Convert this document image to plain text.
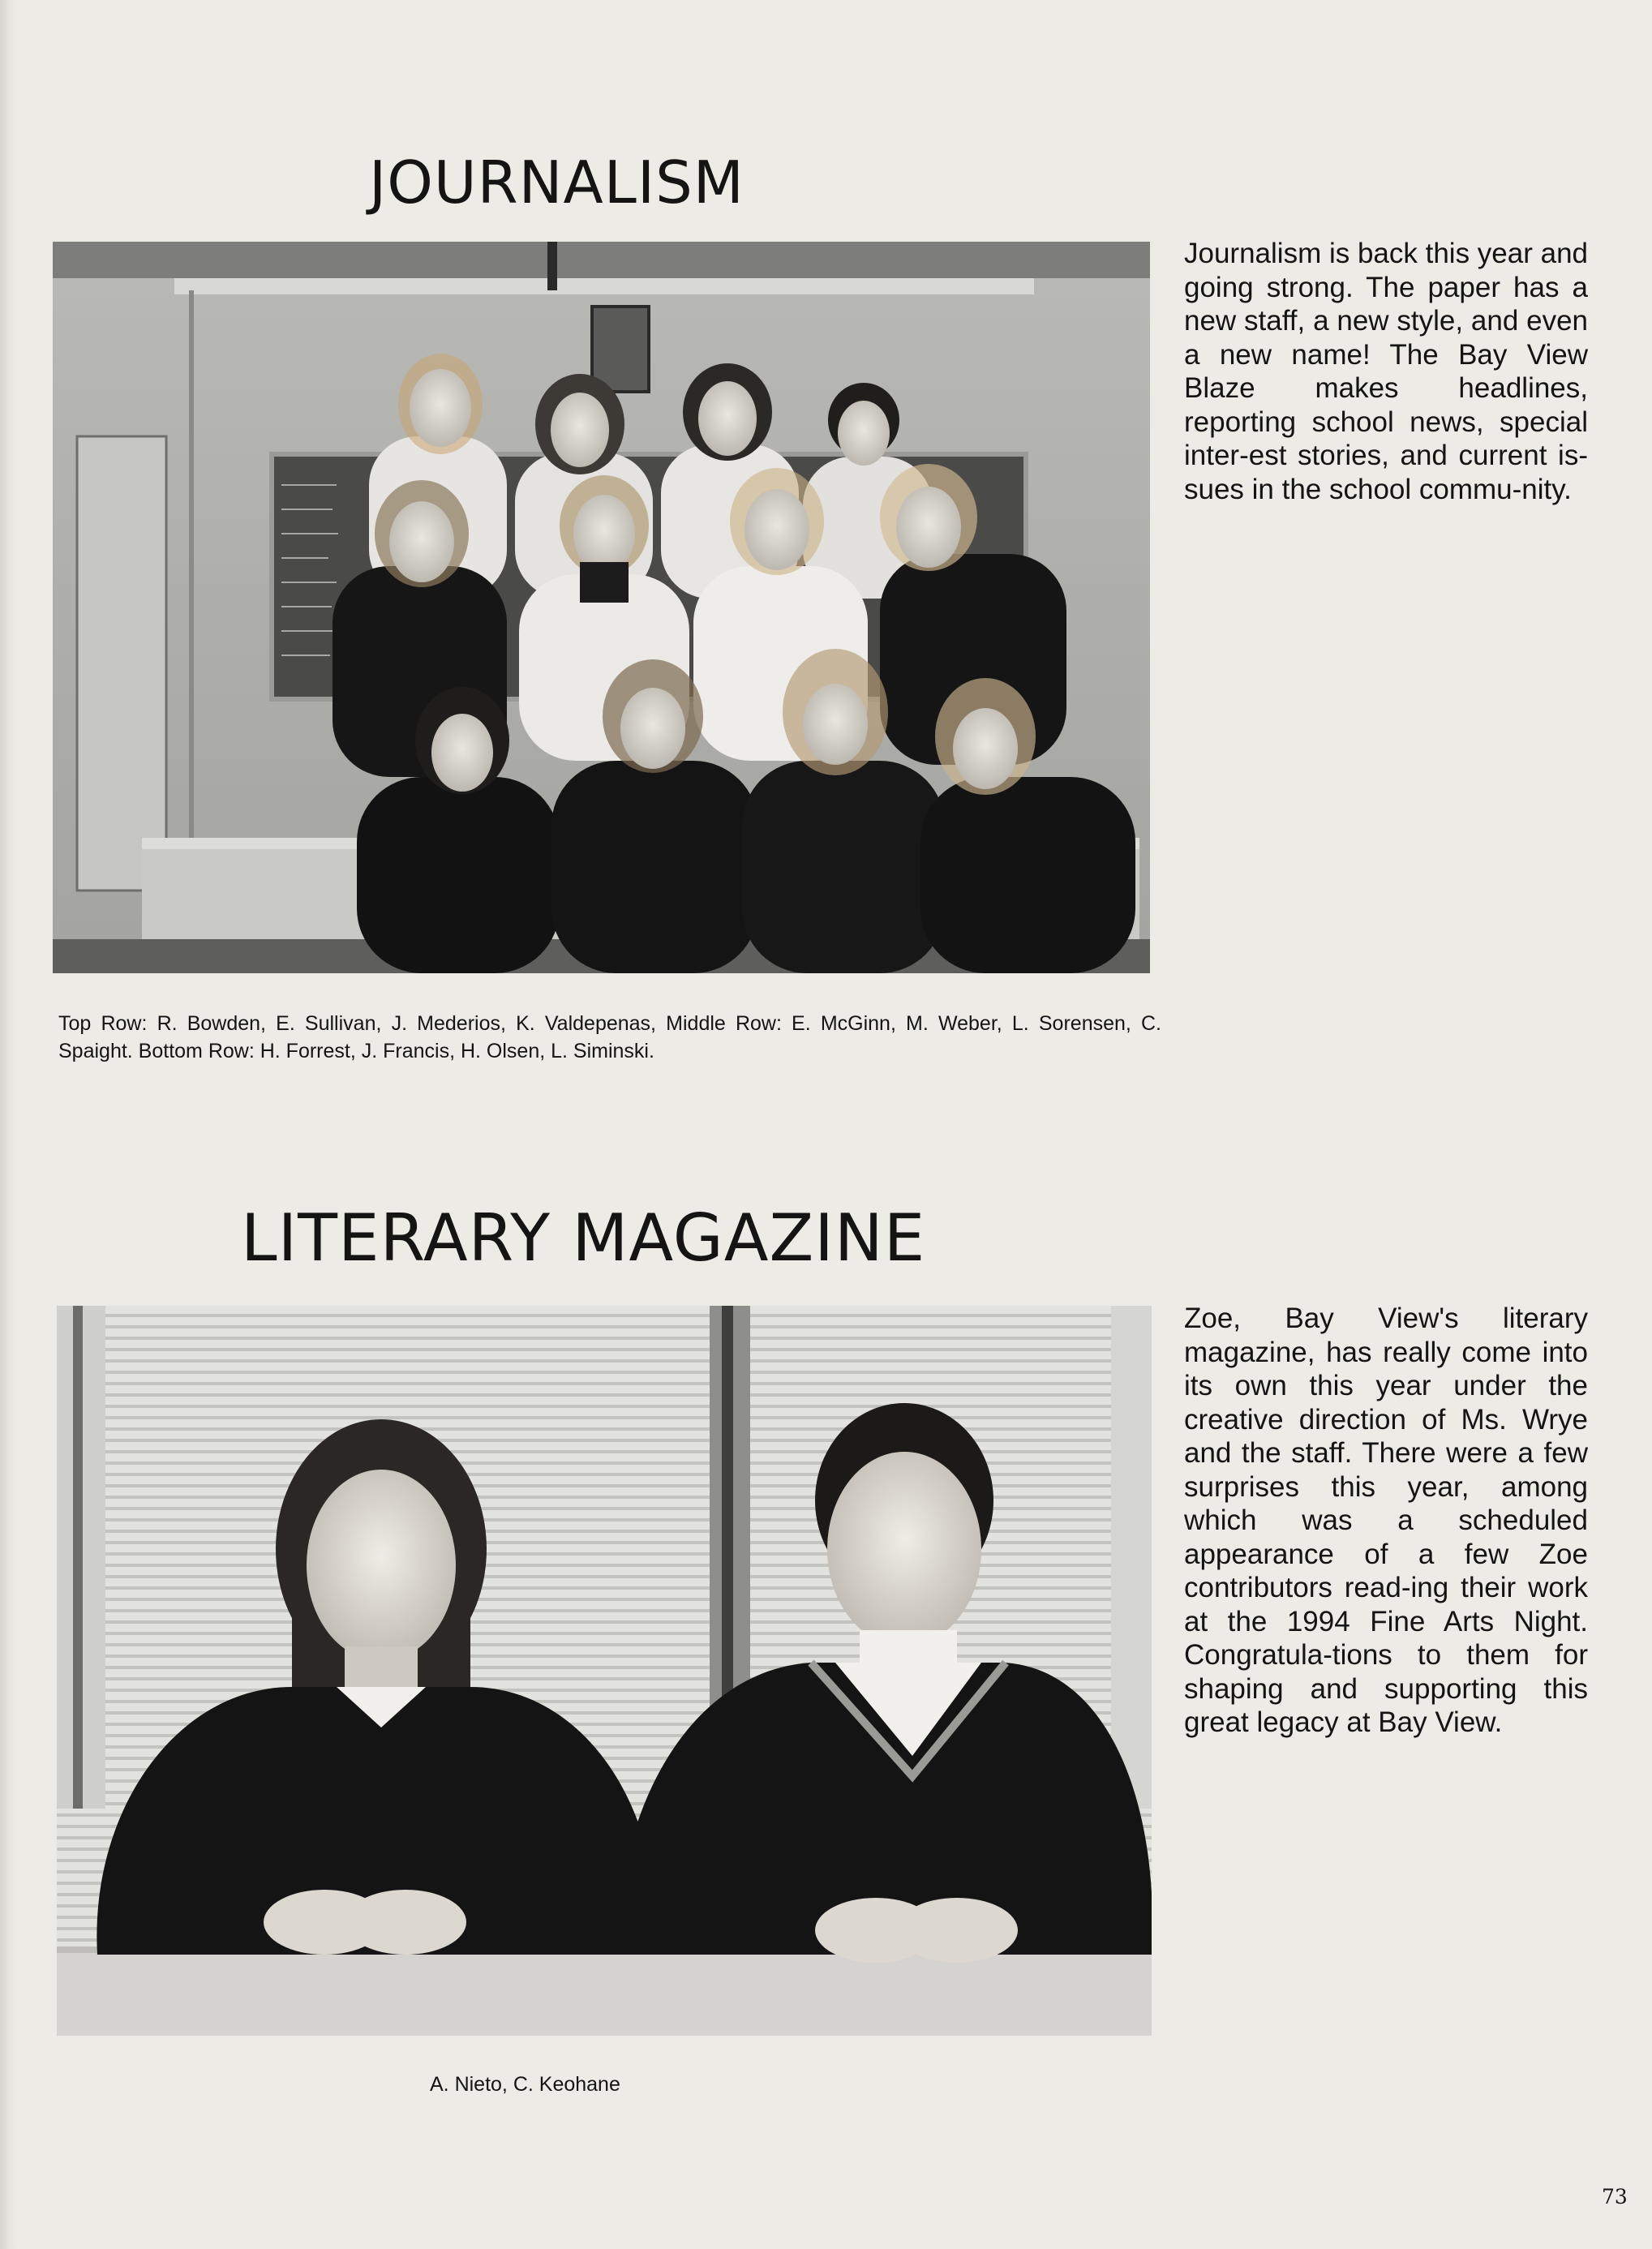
JOURNALISM

Journalism is back this year and going strong. The paper has a new staff, a new style, and even a new name! The Bay View Blaze makes headlines, reporting school news, special inter-est stories, and current is-sues in the school commu-nity.

Top Row: R. Bowden, E. Sullivan, J. Mederios, K. Valdepenas, Middle Row: E. McGinn, M. Weber, L. Sorensen, C. Spaight. Bottom Row: H. Forrest, J. Francis, H. Olsen, L. Siminski.

LITERARY MAGAZINE

Zoe, Bay View's literary magazine, has really come into its own this year under the creative direction of Ms. Wrye and the staff. There were a few surprises this year, among which was a scheduled appearance of a few Zoe contributors read-ing their work at the 1994 Fine Arts Night. Congratula-tions to them for shaping and supporting this great legacy at Bay View.

A. Nieto, C. Keohane

73
